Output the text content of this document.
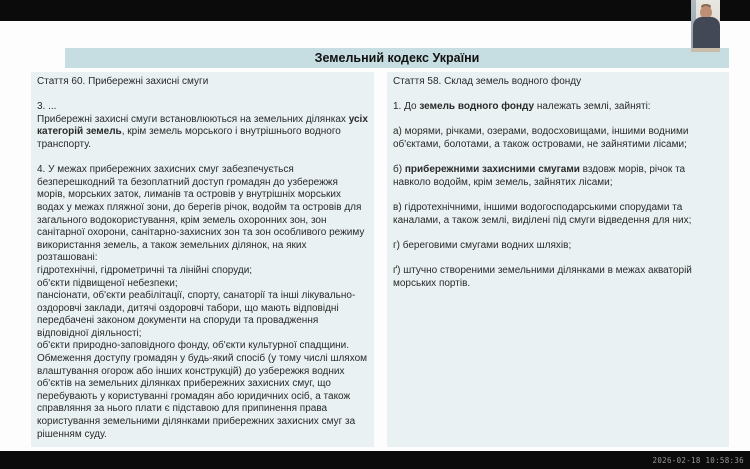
Земельний кодекс України

Стаття 60. Прибережні захисні смуги

3. ...

Прибережні захисні смуги встановлюються на земельних ділянках усіх категорій земель, крім земель морського і внутрішнього водного транспорту.

4. У межах прибережних захисних смуг забезпечується безперешкодний та безоплатний доступ громадян до узбережжя морів, морських заток, лиманів та островів у внутрішніх морських водах у межах пляжної зони, до берегів річок, водойм та островів для загального водокористування, крім земель охоронних зон, зон санітарної охорони, санітарно-захисних зон та зон особливого режиму використання земель, а також земельних ділянок, на яких розташовані:

гідротехнічні, гідрометричні та лінійні споруди;

об'єкти підвищеної небезпеки;

пансіонати, об'єкти реабілітації, спорту, санаторії та інші лікувально-оздоровчі заклади, дитячі оздоровчі табори, що мають відповідні передбачені законом документи на споруди та провадження відповідної діяльності;

об'єкти природно-заповідного фонду, об'єкти культурної спадщини.

Обмеження доступу громадян у будь-який спосіб (у тому числі шляхом влаштування огорож або інших конструкцій) до узбережжя водних об'єктів на земельних ділянках прибережних захисних смуг, що перебувають у користуванні громадян або юридичних осіб, а також справляння за нього плати є підставою для припинення права користування земельними ділянками прибережних захисних смуг за рішенням суду.

Стаття 58. Склад земель водного фонду

1. До земель водного фонду належать землі, зайняті:

а) морями, річками, озерами, водосховищами, іншими водними об'єктами, болотами, а також островами, не зайнятими лісами;

б) прибережними захисними смугами вздовж морів, річок та навколо водойм, крім земель, зайнятих лісами;

в) гідротехнічними, іншими водогосподарськими спорудами та каналами, а також землі, виділені під смуги відведення для них;

г) береговими смугами водних шляхів;

ґ) штучно створеними земельними ділянками в межах акваторій морських портів.

2026-02-18 10:58:36
